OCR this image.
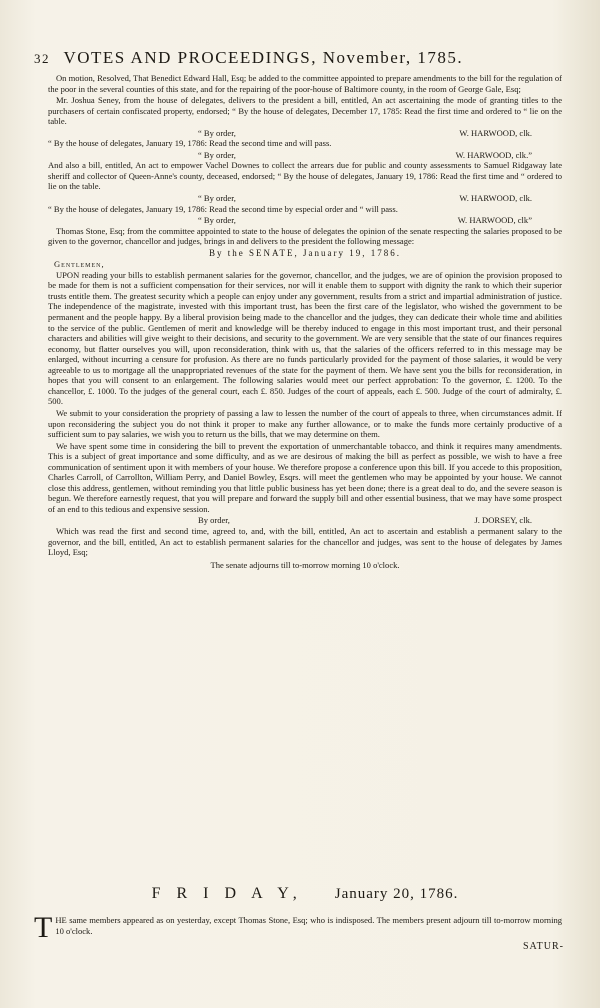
32 VOTES AND PROCEEDINGS, November, 1785.

On motion, Resolved, That Benedict Edward Hall, Esq; be added to the committee appointed to prepare amendments to the bill for the regulation of the poor in the several counties of this state, and for the repairing of the poor-house of Baltimore county, in the room of George Gale, Esq;

Mr. Joshua Seney, from the house of delegates, delivers to the president a bill, entitled, An act ascertaining the mode of granting titles to the purchasers of certain confiscated property, endorsed; “ By the house of delegates, December 17, 1785: Read the first time and ordered to “ lie on the table.

“ By order,	W. HARWOOD, clk.

“ By the house of delegates, January 19, 1786: Read the second time and will pass.

“ By order,	W. HARWOOD, clk.”

And also a bill, entitled, An act to empower Vachel Downes to collect the arrears due for public and county assessments to Samuel Ridgaway late sheriff and collector of Queen-Anne's county, deceased, endorsed; “ By the house of delegates, January 19, 1786: Read the first time and “ ordered to lie on the table.

“ By order,	W. HARWOOD, clk.

“ By the house of delegates, January 19, 1786: Read the second time by especial order and “ will pass.

“ By order,	W. HARWOOD, clk”

Thomas Stone, Esq; from the committee appointed to state to the house of delegates the opinion of the senate respecting the salaries proposed to be given to the governor, chancellor and judges, brings in and delivers to the president the following message:

By the SENATE, January 19, 1786.
Gentlemen,

UPON reading your bills to establish permanent salaries for the governor, chancellor, and the judges, we are of opinion the provision proposed to be made for them is not a sufficient compensation for their services, nor will it enable them to support with dignity the rank to which their superior trusts entitle them. The greatest security which a people can enjoy under any government, results from a strict and impartial administration of justice. The independence of the magistrate, invested with this important trust, has been the first care of the legislator, who wished the government to be permanent and the people happy. By a liberal provision being made to the chancellor and the judges, they can dedicate their whole time and abilities to the service of the public. Gentlemen of merit and knowledge will be thereby induced to engage in this most important trust, and their personal characters and abilities will give weight to their decisions, and security to the government. We are very sensible that the state of our finances requires economy, but flatter ourselves you will, upon reconsideration, think with us, that the salaries of the officers referred to in this message may be enlarged, without incurring a censure for profusion. As there are no funds particularly provided for the payment of those salaries, it would be very agreeable to us to mortgage all the unappropriated revenues of the state for the payment of them. We have sent you the bills for reconsideration, in hopes that you will consent to an enlargement. The following salaries would meet our perfect approbation: To the governor, £. 1200. To the chancellor, £. 1000. To the judges of the general court, each £. 850. Judges of the court of appeals, each £. 500. Judge of the court of admiralty, £. 500.

We submit to your consideration the propriety of passing a law to lessen the number of the court of appeals to three, when circumstances admit. If upon reconsidering the subject you do not think it proper to make any further allowance, or to make the funds more certainly productive of a sufficient sum to pay salaries, we wish you to return us the bills, that we may determine on them.

We have spent some time in considering the bill to prevent the exportation of unmerchantable tobacco, and think it requires many amendments. This is a subject of great importance and some difficulty, and as we are desirous of making the bill as perfect as possible, we wish to have a free communication of sentiment upon it with members of your house. We therefore propose a conference upon this bill. If you accede to this proposition, Charles Carroll, of Carrollton, William Perry, and Daniel Bowley, Esqrs. will meet the gentlemen who may be appointed by your house. We cannot close this address, gentlemen, without reminding you that little public business has yet been done; there is a great deal to do, and the severe season is begun. We therefore earnestly request, that you will prepare and forward the supply bill and other essential business, that we may have some prospect of an end to this tedious and expensive session.

By order,	J. DORSEY, clk.

Which was read the first and second time, agreed to, and, with the bill, entitled, An act to ascertain and establish a permanent salary to the governor, and the bill, entitled, An act to establish permanent salaries for the chancellor and judges, was sent to the house of delegates by James Lloyd, Esq;

The senate adjourns till to-morrow morning 10 o'clock.
F R I D A Y, January 20, 1786.
T HE same members appeared as on yesterday, except Thomas Stone, Esq; who is indisposed. The members present adjourn till to-morrow morning 10 o'clock.
SATUR-
